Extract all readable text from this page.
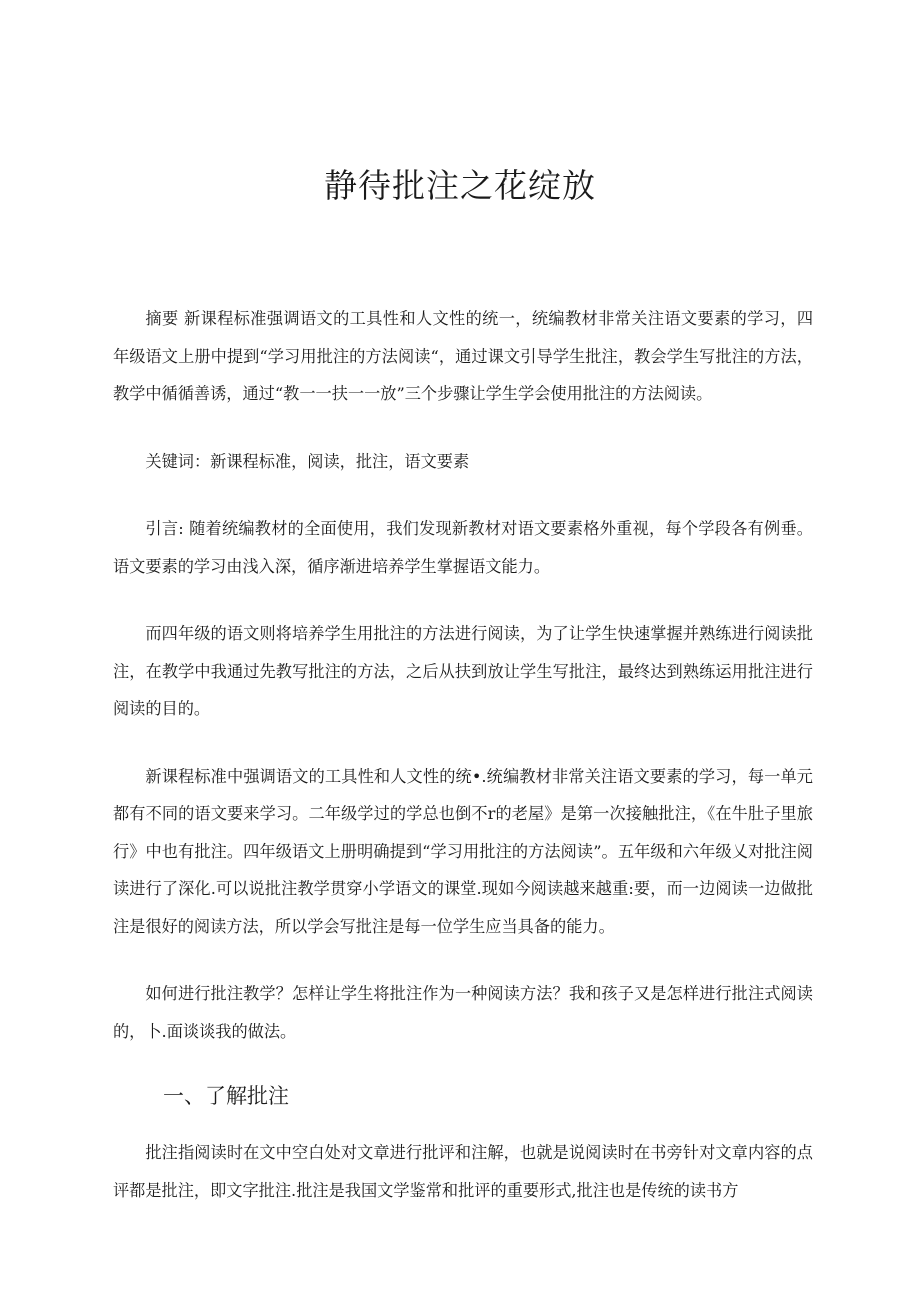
静待批注之花绽放

摘要 新课程标准强调语文的工具性和人文性的统一，统编教材非常关注语文要素的学习，四年级语文上册中提到“学习用批注的方法阅读“，通过课文引导学生批注，教会学生写批注的方法，教学中循循善诱，通过“教一一扶一一放”三个步骤让学生学会使用批注的方法阅读。

关键词：新课程标准，阅读，批注，语文要素

引言: 随着统编教材的全面使用，我们发现新教材对语文要素格外重视，每个学段各有例垂。语文要素的学习由浅入深，循序渐进培养学生掌握语文能力。

而四年级的语文则将培养学生用批注的方法进行阅读，为了让学生快速掌握并熟练进行阅读批注，在教学中我通过先教写批注的方法，之后从扶到放让学生写批注，最终达到熟练运用批注进行阅读的目的。

新课程标准中强调语文的工具性和人文性的统•.统编教材非常关注语文要素的学习，每一单元都有不同的语文要来学习。二年级学过的学总也倒不r的老屋》是第一次接触批注，《在牛肚子里旅行》中也有批注。四年级语文上册明确提到“学习用批注的方法阅读”。五年级和六年级乂对批注阅读进行了深化.可以说批注教学贯穿小学语文的课堂.现如今阅读越来越重:要，而一边阅读一边做批注是很好的阅读方法，所以学会写批注是每一位学生应当具备的能力。

如何进行批注教学？怎样让学生将批注作为一种阅读方法？我和孩子又是怎样进行批注式阅读的，卜.面谈谈我的做法。

一、了解批注

批注指阅读时在文中空白处对文章进行批评和注解，也就是说阅读时在书旁针对文章内容的点评都是批注，即文字批注.批注是我国文学鉴常和批评的重要形式,批注也是传统的读书方
